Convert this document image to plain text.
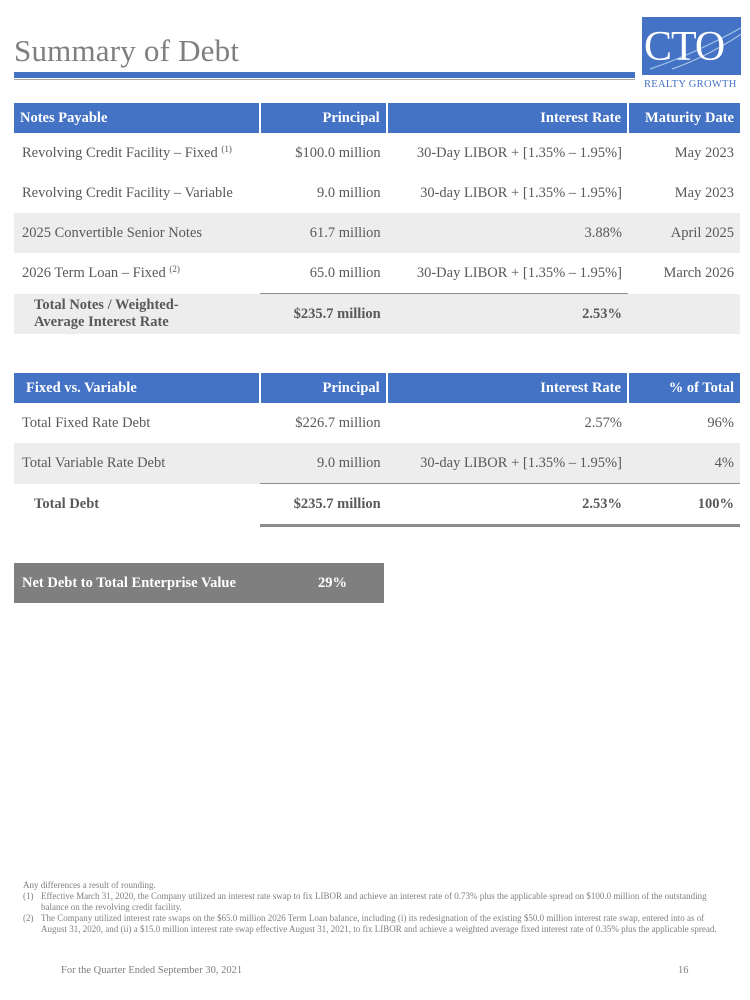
Summary of Debt	CTO
REALTY GROWTH
Notes Payable	Principal	Interest Rate	Maturity Date
Revolving Credit Facility – Fixed $^{(1)}$	$100.0 million	30-Day LIBOR + [1.35% – 1.95%]	May 2023
Revolving Credit Facility – Variable	9.0 million	30-day LIBOR + [1.35% – 1.95%]	May 2023
2025 Convertible Senior Notes	61.7 million	3.88%	April 2025
2026 Term Loan – Fixed $^{(2)}$	65.0 million	30-Day LIBOR + [1.35% – 1.95%]	March 2026
Total Notes / Weighted-
Average Interest Rate	$235.7 million	2.53%	
Fixed vs. Variable	Principal	Interest Rate	% of Total
Total Fixed Rate Debt	$226.7 million	2.57%	96%
Total Variable Rate Debt	9.0 million	30-day LIBOR + [1.35% – 1.95%]	4%
Total Debt	$235.7 million	2.53%	100%
Net Debt to Total Enterprise Value	29%
Any differences a result of rounding.
(1) Effective March 31, 2020, the Company utilized an interest rate swap to fix LIBOR and achieve an interest rate of 0.73% plus the applicable spread on $100.0 million of the outstanding balance on the revolving credit facility.
(2) The Company utilized interest rate swaps on the $65.0 million 2026 Term Loan balance, including (i) its redesignation of the existing $50.0 million interest rate swap, entered into as of August 31, 2020, and (ii) a $15.0 million interest rate swap effective August 31, 2021, to fix LIBOR and achieve a weighted average fixed interest rate of 0.35% plus the applicable spread.
For the Quarter Ended September 30, 2021	16
